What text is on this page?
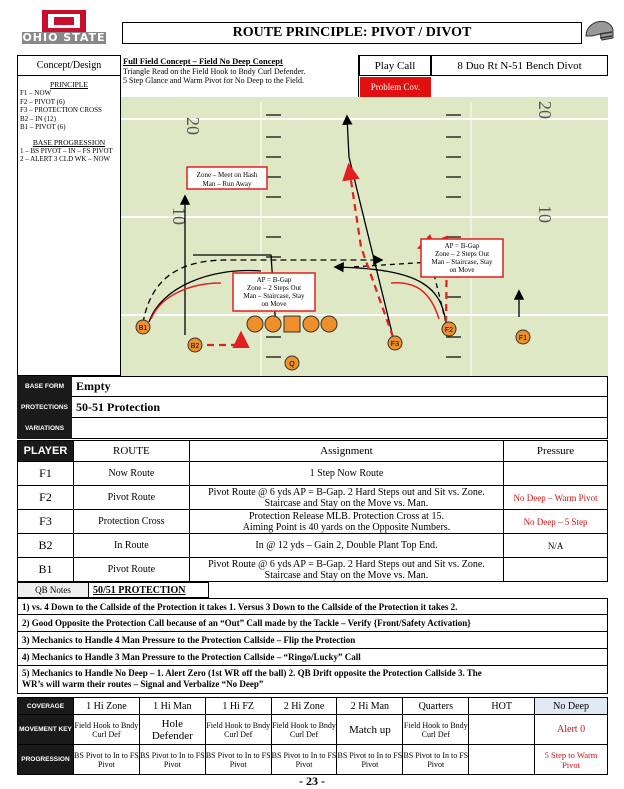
OHIO STATE	ROUTE PRINCIPLE: PIVOT / DIVOT
Concept/Design	Full Field Concept – Field No Deep Concept
Triangle Read on the Field Hook to Bndy Curl Defender.
5 Step Glance and Warm Pivot for No Deep to the Field.
Play Call	8 Duo Rt N-51 Bench Divot
Problem Cov.
PRINCIPLE
F1 – NOW
F2 – PIVOT (6)
F3 – PROTECTION CROSS
B2 – IN (12)
B1 – PIVOT (6)
BASE PROGRESSION
1 – BS PIVOT – IN – FS PIVOT
2 – ALERT 3 CLD WK – NOW
20
10
20
10
Zone – Meet on Hash
Man – Run Away
AP = B-Gap
Zone – 2 Steps Out
Man – Staircase, Stay
on Move
AP = B-Gap
Zone – 2 Steps Out
Man – Staircase, Stay
on Move
B1
B2	F3
F2
F1
Q
BASE FORM	Empty
PROTECTIONS 50-51 Protection
VARIATIONS
PLAYER	ROUTE	Assignment	Pressure
F1	Now Route	1 Step Now Route	

F2	Pivot Route	Pivot Route @ 6 yds AP = B-Gap. 2 Hard Steps out and Sit vs. Zone.
Staircase and Stay on the Move vs. Man.	No Deep – Warm Pivot
F3	Protection Cross	Protection Release MLB. Protection Cross at 15.
Aiming Point is 40 yards on the Opposite Numbers.	No Deep – 5 Step
B2	In Route	In @ 12 yds – Gain 2, Double Plant Top End.	N/A
B1	Pivot Route	Pivot Route @ 6 yds AP = B-Gap. 2 Hard Steps out and Sit vs. Zone.
Staircase and Stay on the Move vs. Man.	

QB Notes	50/51 PROTECTION
1) vs. 4 Down to the Callside of the Protection it takes 1. Versus 3 Down to the Callside of the Protection it takes 2.
2) Good Opposite the Protection Call because of an “Out” Call made by the Tackle – Verify {Front/Safety Activation}
3) Mechanics to Handle 4 Man Pressure to the Protection Callside – Flip the Protection
4) Mechanics to Handle 3 Man Pressure to the Protection Callside – “Ringo/Lucky” Call
5) Mechanics to Handle No Deep – 1. Alert Zero (1st WR off the ball) 2. QB Drift opposite the Protection Callside 3. The
WR’s will warm their routes – Signal and Verbalize “No Deep”
COVERAGE	1 Hi Zone	1 Hi Man	1 Hi FZ	2 Hi Zone	2 Hi Man	Quarters	HOT	No Deep
MOVEMENT KEY	Field Hook to Bndy Curl Def	Hole Defender	Field Hook to Bndy Curl Def	Field Hook to Bndy Curl Def	Match up	Field Hook to Bndy Curl Def		Alert 0
PROGRESSION	BS Pivot to In to FS Pivot	BS Pivot to In to FS Pivot	BS Pivot to In to FS Pivot	BS Pivot to In to FS Pivot	BS Pivot to In to FS Pivot	BS Pivot to In to FS Pivot		5 Step to Warm Pivot
- 23 -
